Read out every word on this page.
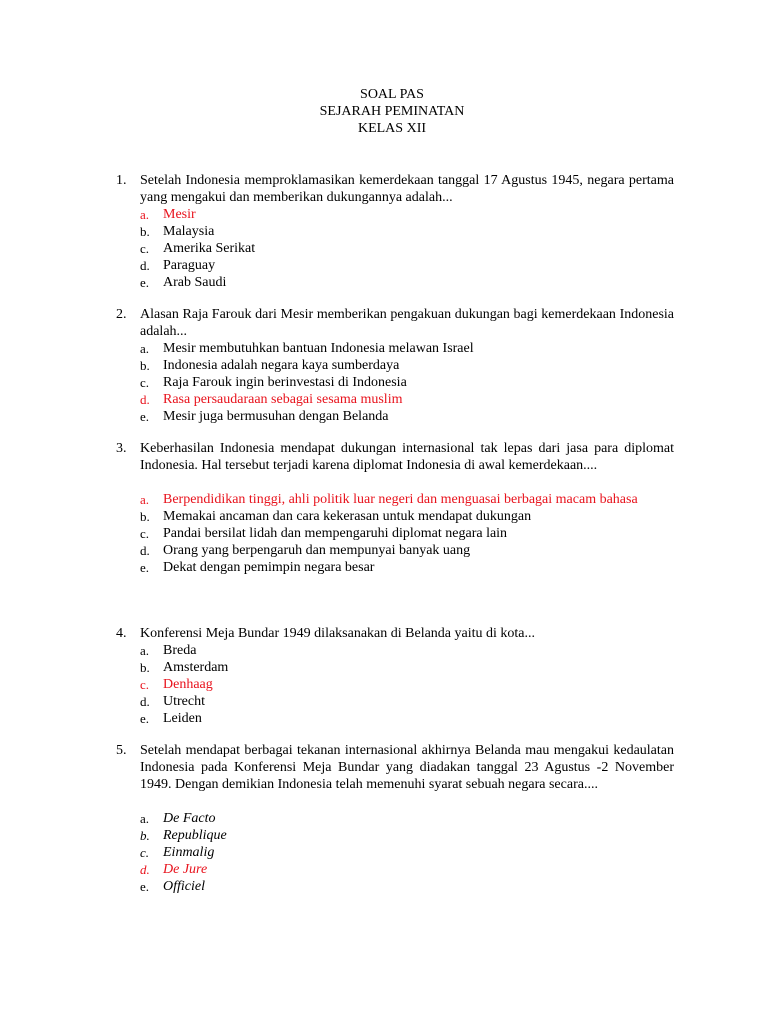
SOAL PAS
SEJARAH PEMINATAN
KELAS XII
1. Setelah Indonesia memproklamasikan kemerdekaan tanggal 17 Agustus 1945, negara pertama yang mengakui dan memberikan dukungannya adalah...
a. Mesir
b. Malaysia
c. Amerika Serikat
d. Paraguay
e. Arab Saudi
2. Alasan Raja Farouk dari Mesir memberikan pengakuan dukungan bagi kemerdekaan Indonesia adalah...
a. Mesir membutuhkan bantuan Indonesia melawan Israel
b. Indonesia adalah negara kaya sumberdaya
c. Raja Farouk ingin berinvestasi di Indonesia
d. Rasa persaudaraan sebagai sesama muslim
e. Mesir juga bermusuhan dengan Belanda
3. Keberhasilan Indonesia mendapat dukungan internasional tak lepas dari jasa para diplomat Indonesia. Hal tersebut terjadi karena diplomat Indonesia di awal kemerdekaan....
a. Berpendidikan tinggi, ahli politik luar negeri dan menguasai berbagai macam bahasa
b. Memakai ancaman dan cara kekerasan untuk mendapat dukungan
c. Pandai bersilat lidah dan mempengaruhi diplomat negara lain
d. Orang yang berpengaruh dan mempunyai banyak uang
e. Dekat dengan pemimpin negara besar
4. Konferensi Meja Bundar 1949 dilaksanakan di Belanda yaitu di kota...
a. Breda
b. Amsterdam
c. Denhaag
d. Utrecht
e. Leiden
5. Setelah mendapat berbagai tekanan internasional akhirnya Belanda mau mengakui kedaulatan Indonesia pada Konferensi Meja Bundar yang diadakan tanggal 23 Agustus -2 November 1949. Dengan demikian Indonesia telah memenuhi syarat sebuah negara secara....
a. De Facto
b. Republique
c. Einmalig
d. De Jure
e. Officiel
